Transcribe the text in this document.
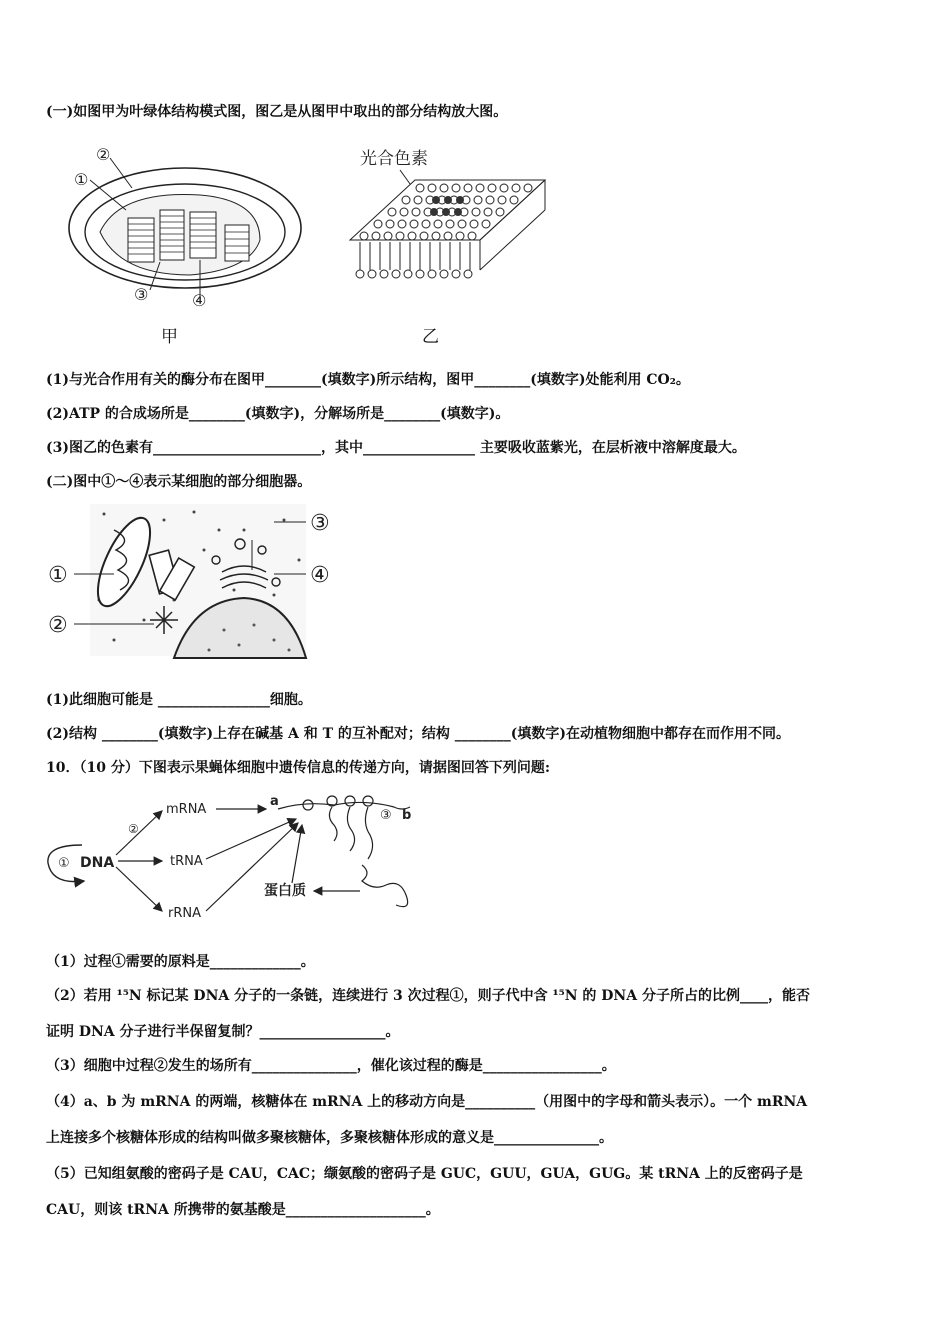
(一)如图甲为叶绿体结构模式图，图乙是从图甲中取出的部分结构放大图。
②
①
③	④
甲
光合色素
乙
(1)与光合作用有关的酶分布在图甲________(填数字)所示结构，图甲________(填数字)处能利用 CO₂。
(2)ATP 的合成场所是________(填数字)，分解场所是________(填数字)。
(3)图乙的色素有________________________，其中________________ 主要吸收蓝紫光，在层析液中溶解度最大。
(二)图中①～④表示某细胞的部分细胞器。
①
②
③
④
(1)此细胞可能是 ________________细胞。
(2)结构 ________(填数字)上存在碱基 A 和 T 的互补配对；结构 ________(填数字)在动植物细胞中都存在而作用不同。
10．（10 分）下图表示果蝇体细胞中遗传信息的传递方向，请据图回答下列问题:
① DNA
mRNA
tRNA
rRNA
②
a
③ b
蛋白质
（1）过程①需要的原料是_____________。
（2）若用 ¹⁵N 标记某 DNA 分子的一条链，连续进行 3 次过程①，则子代中含 ¹⁵N 的 DNA 分子所占的比例____，能否
证明 DNA 分子进行半保留复制？__________________。
（3）细胞中过程②发生的场所有_______________，催化该过程的酶是_________________。
（4）a、b 为 mRNA 的两端，核糖体在 mRNA 上的移动方向是__________（用图中的字母和箭头表示）。一个 mRNA
上连接多个核糖体形成的结构叫做多聚核糖体，多聚核糖体形成的意义是_______________。
（5）已知组氨酸的密码子是 CAU，CAC；缬氨酸的密码子是 GUC，GUU，GUA，GUG。某 tRNA 上的反密码子是
CAU，则该 tRNA 所携带的氨基酸是____________________。
